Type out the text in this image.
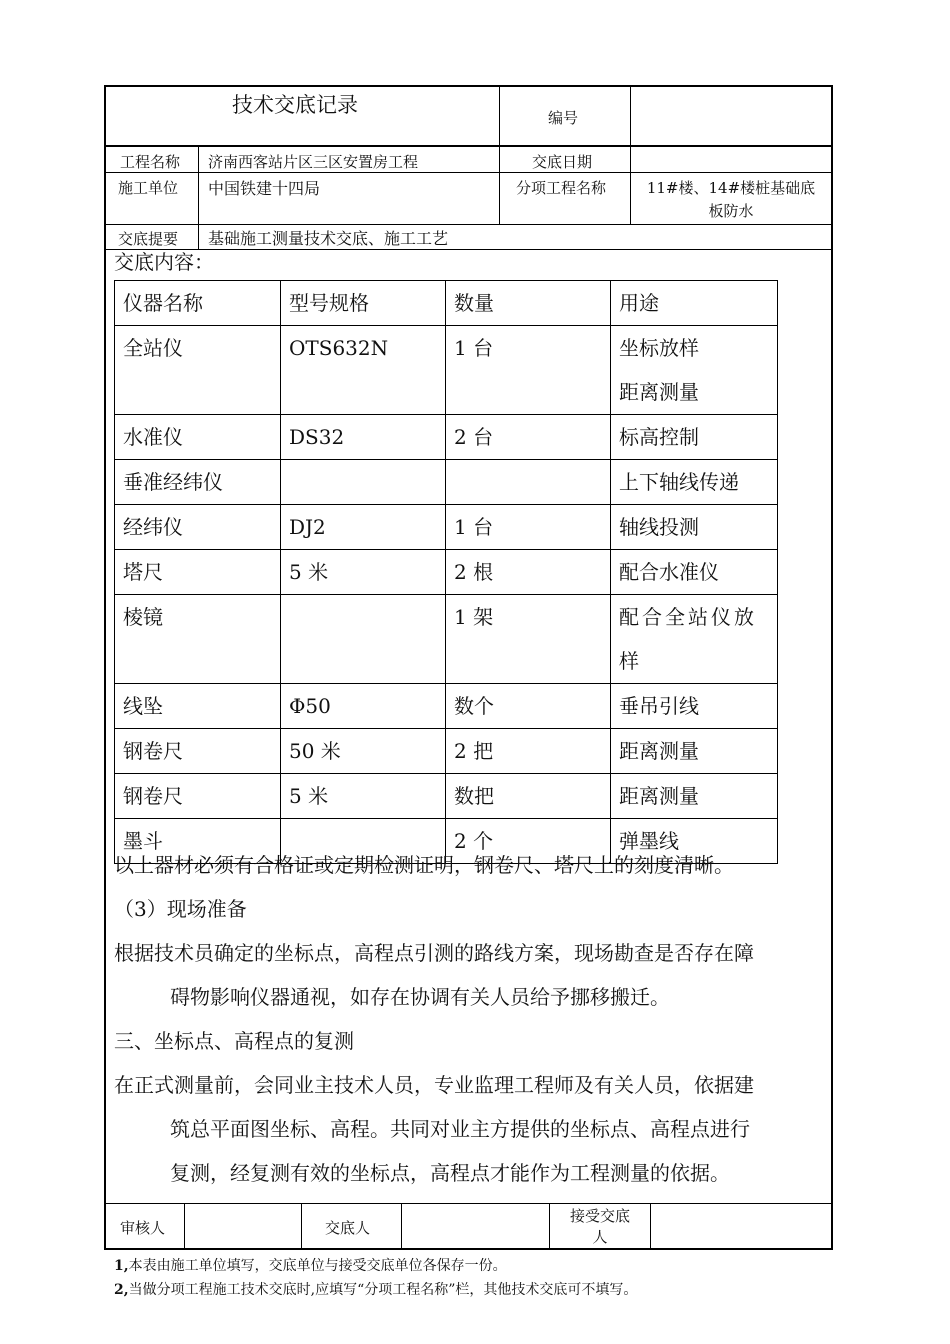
技术交底记录
编号
工程名称 济南西客站片区三区安置房工程	交底日期
施工单位 中国铁建十四局	分项工程名称	11#楼、14#楼桩基础底
板防水
交底提要 基础施工测量技术交底、施工工艺
交底内容：
仪器名称	型号规格	数量	用途

全站仪	OTS632N	1 台	坐标放样
距离测量

水准仪	DS32	2 台	标高控制

垂准经纬仪			上下轴线传递

经纬仪	DJ2	1 台	轴线投测

塔尺	5 米	2 根	配合水准仪

棱镜		1 架	配合全站仪放
样

线坠	Φ50	数个	垂吊引线

钢卷尺	50 米	2 把	距离测量

钢卷尺	5 米	数把	距离测量

墨斗		2 个	弹墨线
以上器材必须有合格证或定期检测证明，钢卷尺、塔尺上的刻度清晰。
（3）现场准备
根据技术员确定的坐标点，高程点引测的路线方案，现场勘查是否存在障
碍物影响仪器通视，如存在协调有关人员给予挪移搬迁。
三、坐标点、高程点的复测
在正式测量前，会同业主技术人员，专业监理工程师及有关人员，依据建
筑总平面图坐标、高程。共同对业主方提供的坐标点、高程点进行
复测，经复测有效的坐标点，高程点才能作为工程测量的依据。
审核人	交底人
接受交底
人
1,本表由施工单位填写，交底单位与接受交底单位各保存一份。
2,当做分项工程施工技术交底时,应填写“分项工程名称”栏，其他技术交底可不填写。
